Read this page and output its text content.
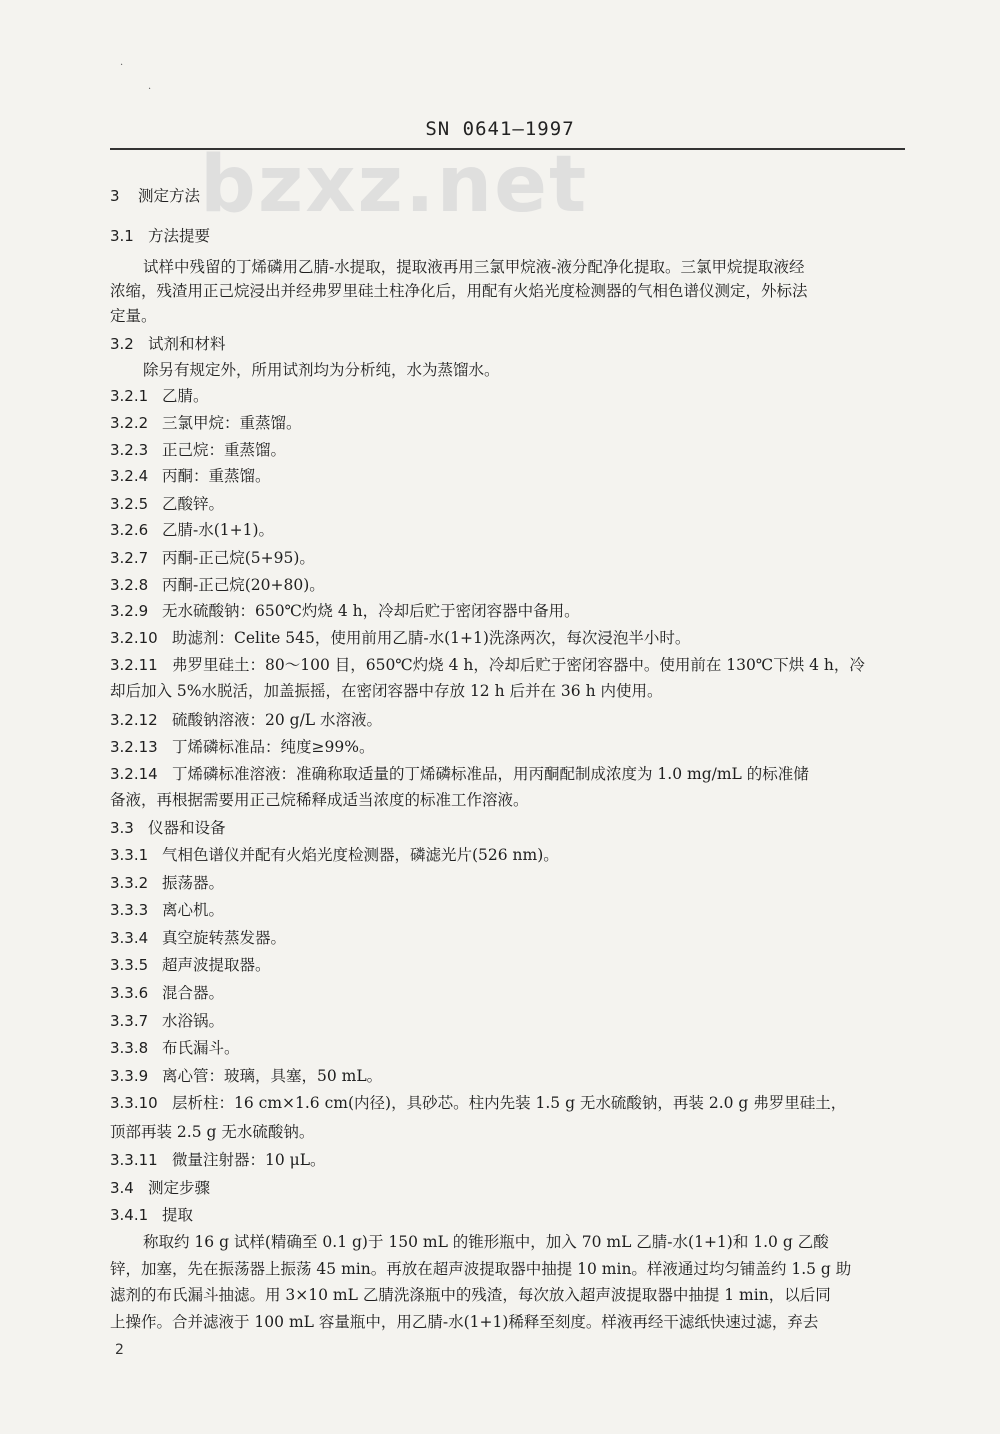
bzxz.net
SN 0641—1997
·
·
3 测定方法
3.1 方法提要
试样中残留的丁烯磷用乙腈-水提取，提取液再用三氯甲烷液-液分配净化提取。三氯甲烷提取液经
浓缩，残渣用正己烷浸出并经弗罗里硅土柱净化后，用配有火焰光度检测器的气相色谱仪测定，外标法
定量。
3.2 试剂和材料
除另有规定外，所用试剂均为分析纯，水为蒸馏水。
3.2.1 乙腈。
3.2.2 三氯甲烷：重蒸馏。
3.2.3 正己烷：重蒸馏。
3.2.4 丙酮：重蒸馏。
3.2.5 乙酸锌。
3.2.6 乙腈-水(1+1)。
3.2.7 丙酮-正己烷(5+95)。
3.2.8 丙酮-正己烷(20+80)。
3.2.9 无水硫酸钠：650℃灼烧 4 h，冷却后贮于密闭容器中备用。
3.2.10 助滤剂：Celite 545，使用前用乙腈-水(1+1)洗涤两次，每次浸泡半小时。
3.2.11 弗罗里硅土：80～100 目，650℃灼烧 4 h，冷却后贮于密闭容器中。使用前在 130℃下烘 4 h，冷
却后加入 5%水脱活，加盖振摇，在密闭容器中存放 12 h 后并在 36 h 内使用。
3.2.12 硫酸钠溶液：20 g/L 水溶液。
3.2.13 丁烯磷标准品：纯度≥99%。
3.2.14 丁烯磷标准溶液：准确称取适量的丁烯磷标准品，用丙酮配制成浓度为 1.0 mg/mL 的标准储
备液，再根据需要用正己烷稀释成适当浓度的标准工作溶液。
3.3 仪器和设备
3.3.1 气相色谱仪并配有火焰光度检测器，磷滤光片(526 nm)。
3.3.2 振荡器。
3.3.3 离心机。
3.3.4 真空旋转蒸发器。
3.3.5 超声波提取器。
3.3.6 混合器。
3.3.7 水浴锅。
3.3.8 布氏漏斗。
3.3.9 离心管：玻璃，具塞，50 mL。
3.3.10 层析柱：16 cm×1.6 cm(内径)，具砂芯。柱内先装 1.5 g 无水硫酸钠，再装 2.0 g 弗罗里硅土，
顶部再装 2.5 g 无水硫酸钠。
3.3.11 微量注射器：10 μL。
3.4 测定步骤
3.4.1 提取
称取约 16 g 试样(精确至 0.1 g)于 150 mL 的锥形瓶中，加入 70 mL 乙腈-水(1+1)和 1.0 g 乙酸
锌，加塞，先在振荡器上振荡 45 min。再放在超声波提取器中抽提 10 min。样液通过均匀铺盖约 1.5 g 助
滤剂的布氏漏斗抽滤。用 3×10 mL 乙腈洗涤瓶中的残渣，每次放入超声波提取器中抽提 1 min，以后同
上操作。合并滤液于 100 mL 容量瓶中，用乙腈-水(1+1)稀释至刻度。样液再经干滤纸快速过滤，弃去
2
